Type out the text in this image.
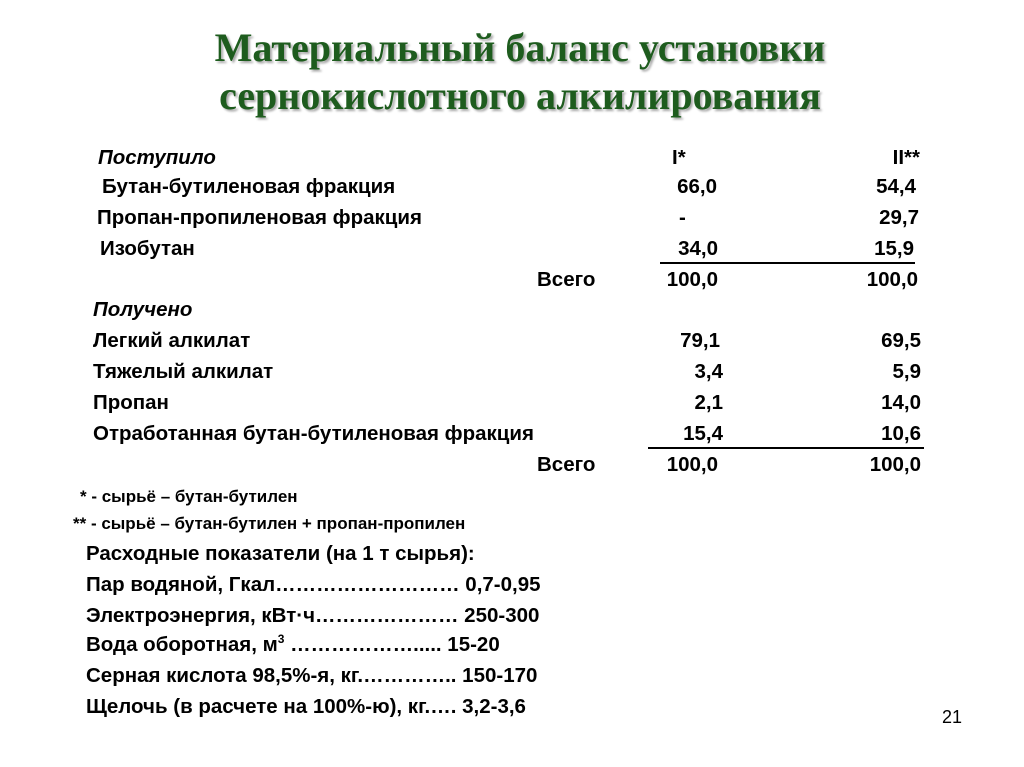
Материальный баланс установки
сернокислотного алкилирования
Поступило	I*	II**
Бутан-бутиленовая фракция	66,0	54,4
Пропан-пропиленовая фракция	-	29,7
Изобутан	34,0	15,9
Всего	100,0	100,0
Получено
Легкий алкилат	79,1	69,5
Тяжелый алкилат	3,4	5,9
Пропан	2,1	14,0
Отработанная бутан-бутиленовая фракция	15,4	10,6
Всего	100,0	100,0
* - сырьё – бутан-бутилен
** - сырьё – бутан-бутилен + пропан-пропилен
Расходные показатели (на 1 т сырья):
Пар водяной, Гкал……………………… 0,7-0,95
Электроэнергия, кВт·ч………………… 250-300
Вода оборотная, $м^3$ ………………..... 15-20
Серная кислота 98,5%-я, кг.………….. 150-170
Щелочь (в расчете на 100%-ю), кг.…. 3,2-3,6	21
